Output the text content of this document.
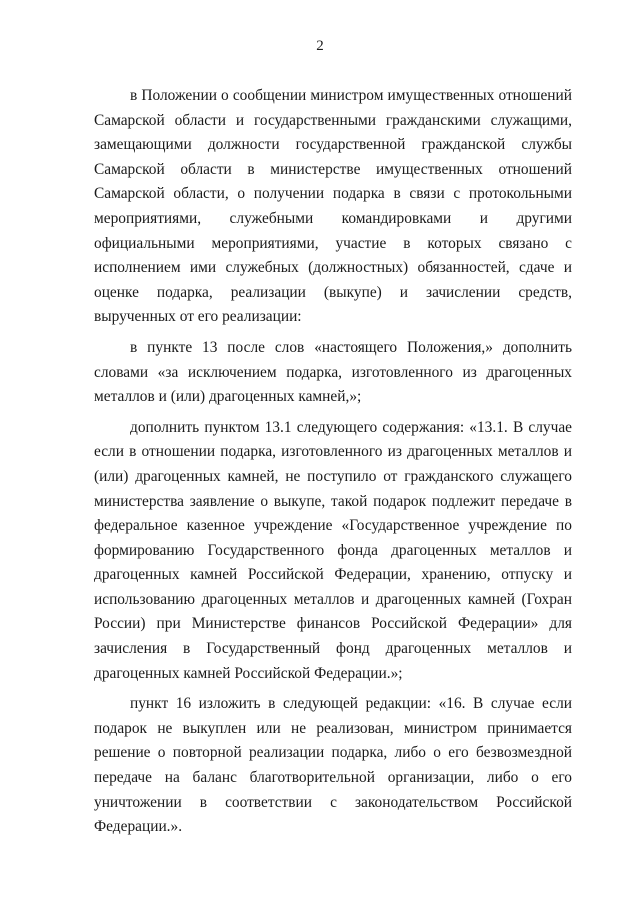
2

в Положении о сообщении министром имущественных отношений Самарской области и государственными гражданскими служащими, замещающими должности государственной гражданской службы Самарской области в министерстве имущественных отношений Самарской области, о получении подарка в связи с протокольными мероприятиями, служебными командировками и другими официальными мероприятиями, участие в которых связано с исполнением ими служебных (должностных) обязанностей, сдаче и оценке подарка, реализации (выкупе) и зачислении средств, вырученных от его реализации:

в пункте 13 после слов «настоящего Положения,» дополнить словами «за исключением подарка, изготовленного из драгоценных металлов и (или) драгоценных камней,»;

дополнить пунктом 13.1 следующего содержания: «13.1. В случае если в отношении подарка, изготовленного из драгоценных металлов и (или) драгоценных камней, не поступило от гражданского служащего министерства заявление о выкупе, такой подарок подлежит передаче в федеральное казенное учреждение «Государственное учреждение по формированию Государственного фонда драгоценных металлов и драгоценных камней Российской Федерации, хранению, отпуску и использованию драгоценных металлов и драгоценных камней (Гохран России) при Министерстве финансов Российской Федерации» для зачисления в Государственный фонд драгоценных металлов и драгоценных камней Российской Федерации.»;

пункт 16 изложить в следующей редакции: «16. В случае если подарок не выкуплен или не реализован, министром принимается решение о повторной реализации подарка, либо о его безвозмездной передаче на баланс благотворительной организации, либо о его уничтожении в соответствии с законодательством Российской Федерации.».
